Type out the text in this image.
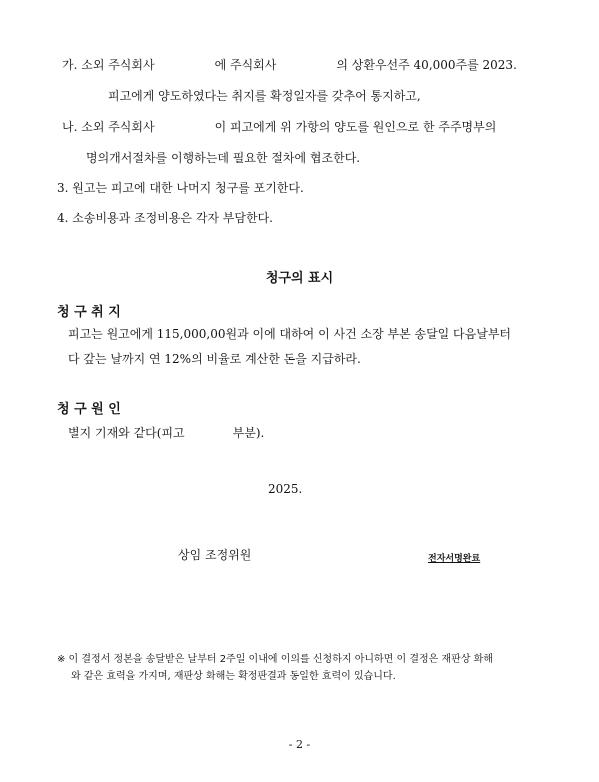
가. 소외 주식회사　　　　　에 주식회사　　　　　의 상환우선주 40,000주를 2023.
피고에게 양도하였다는 취지를 확정일자를 갖추어 통지하고,
나. 소외 주식회사　　　　　이 피고에게 위 가항의 양도를 원인으로 한 주주명부의
명의개서절차를 이행하는데 필요한 절차에 협조한다.
3. 원고는 피고에 대한 나머지 청구를 포기한다.
4. 소송비용과 조정비용은 각자 부담한다.
청구의 표시
청 구 취 지
피고는 원고에게 115,000,00원과 이에 대하여 이 사건 소장 부본 송달일 다음날부터
다 갚는 날까지 연 12%의 비율로 계산한 돈을 지급하라.
청 구 원 인
별지 기재와 같다(피고　　　　부분).
2025.
상임 조정위원	전자서명완료
※ 이 결정서 정본을 송달받은 날부터 2주일 이내에 이의를 신청하지 아니하면 이 결정은 재판상 화해
와 같은 효력을 가지며, 재판상 화해는 확정판결과 동일한 효력이 있습니다.
- 2 -
